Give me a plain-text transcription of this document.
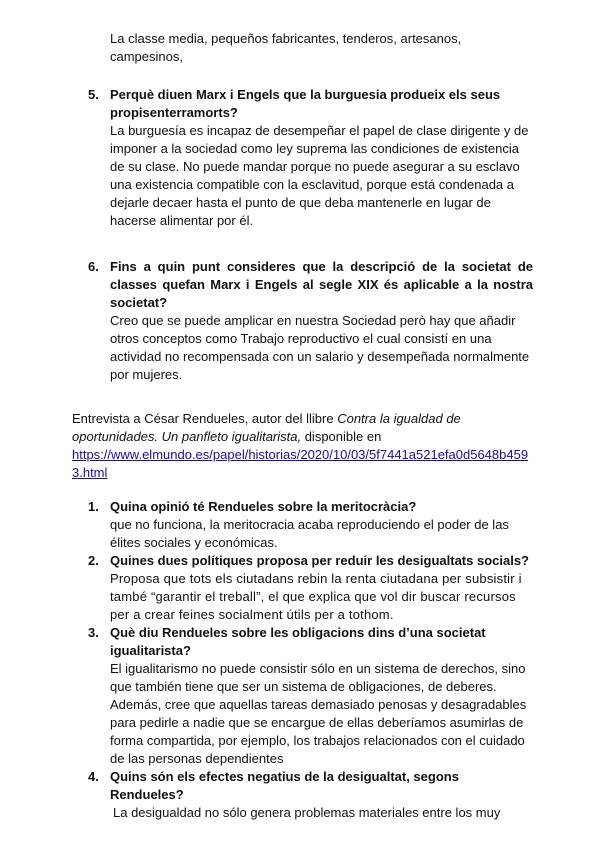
La classe media, pequeños fabricantes, tenderos, artesanos, campesinos,

5. Perquè diuen Marx i Engels que la burguesia produeix els seus propisenterramorts?

La burguesía es incapaz de desempeñar el papel de clase dirigente y de imponer a la sociedad como ley suprema las condiciones de existencia de su clase. No puede mandar porque no puede asegurar a su esclavo una existencia compatible con la esclavitud, porque está condenada a dejarle decaer hasta el punto de que deba mantenerle en lugar de hacerse alimentar por él.

6. Fins a quin punt consideres que la descripció de la societat de classes quefan Marx i Engels al segle XIX és aplicable a la nostra societat?

Creo que se puede amplicar en nuestra Sociedad però hay que añadir otros conceptos como Trabajo reproductivo el cual consistí en una actividad no recompensada con un salario y desempeñada normalmente por mujeres.

Entrevista a César Rendueles, autor del llibre Contra la igualdad de oportunidades. Un panfleto igualitarista, disponible en
https://www.elmundo.es/papel/historias/2020/10/03/5f7441a521efa0d5648b4593.html
1. Quina opinió té Rendueles sobre la meritocràcia?

que no funciona, la meritocracia acaba reproduciendo el poder de las élites sociales y económicas.

2. Quines dues polítiques proposa per reduir les desigualtats socials?

Proposa que tots els ciutadans rebin la renta ciutadana per subsistir i també “garantir el treball”, el que explica que vol dir buscar recursos per a crear feines socialment útils per a tothom.

3. Què diu Rendueles sobre les obligacions dins d’una societat igualitarista?

El igualitarismo no puede consistir sólo en un sistema de derechos, sino que también tiene que ser un sistema de obligaciones, de deberes. Además, cree que aquellas tareas demasiado penosas y desagradables para pedirle a nadie que se encargue de ellas deberíamos asumirlas de forma compartida, por ejemplo, los trabajos relacionados con el cuidado de las personas dependientes

4. Quins són els efectes negatius de la desigualtat, segons Rendueles?

La desigualdad no sólo genera problemas materiales entre los muy
